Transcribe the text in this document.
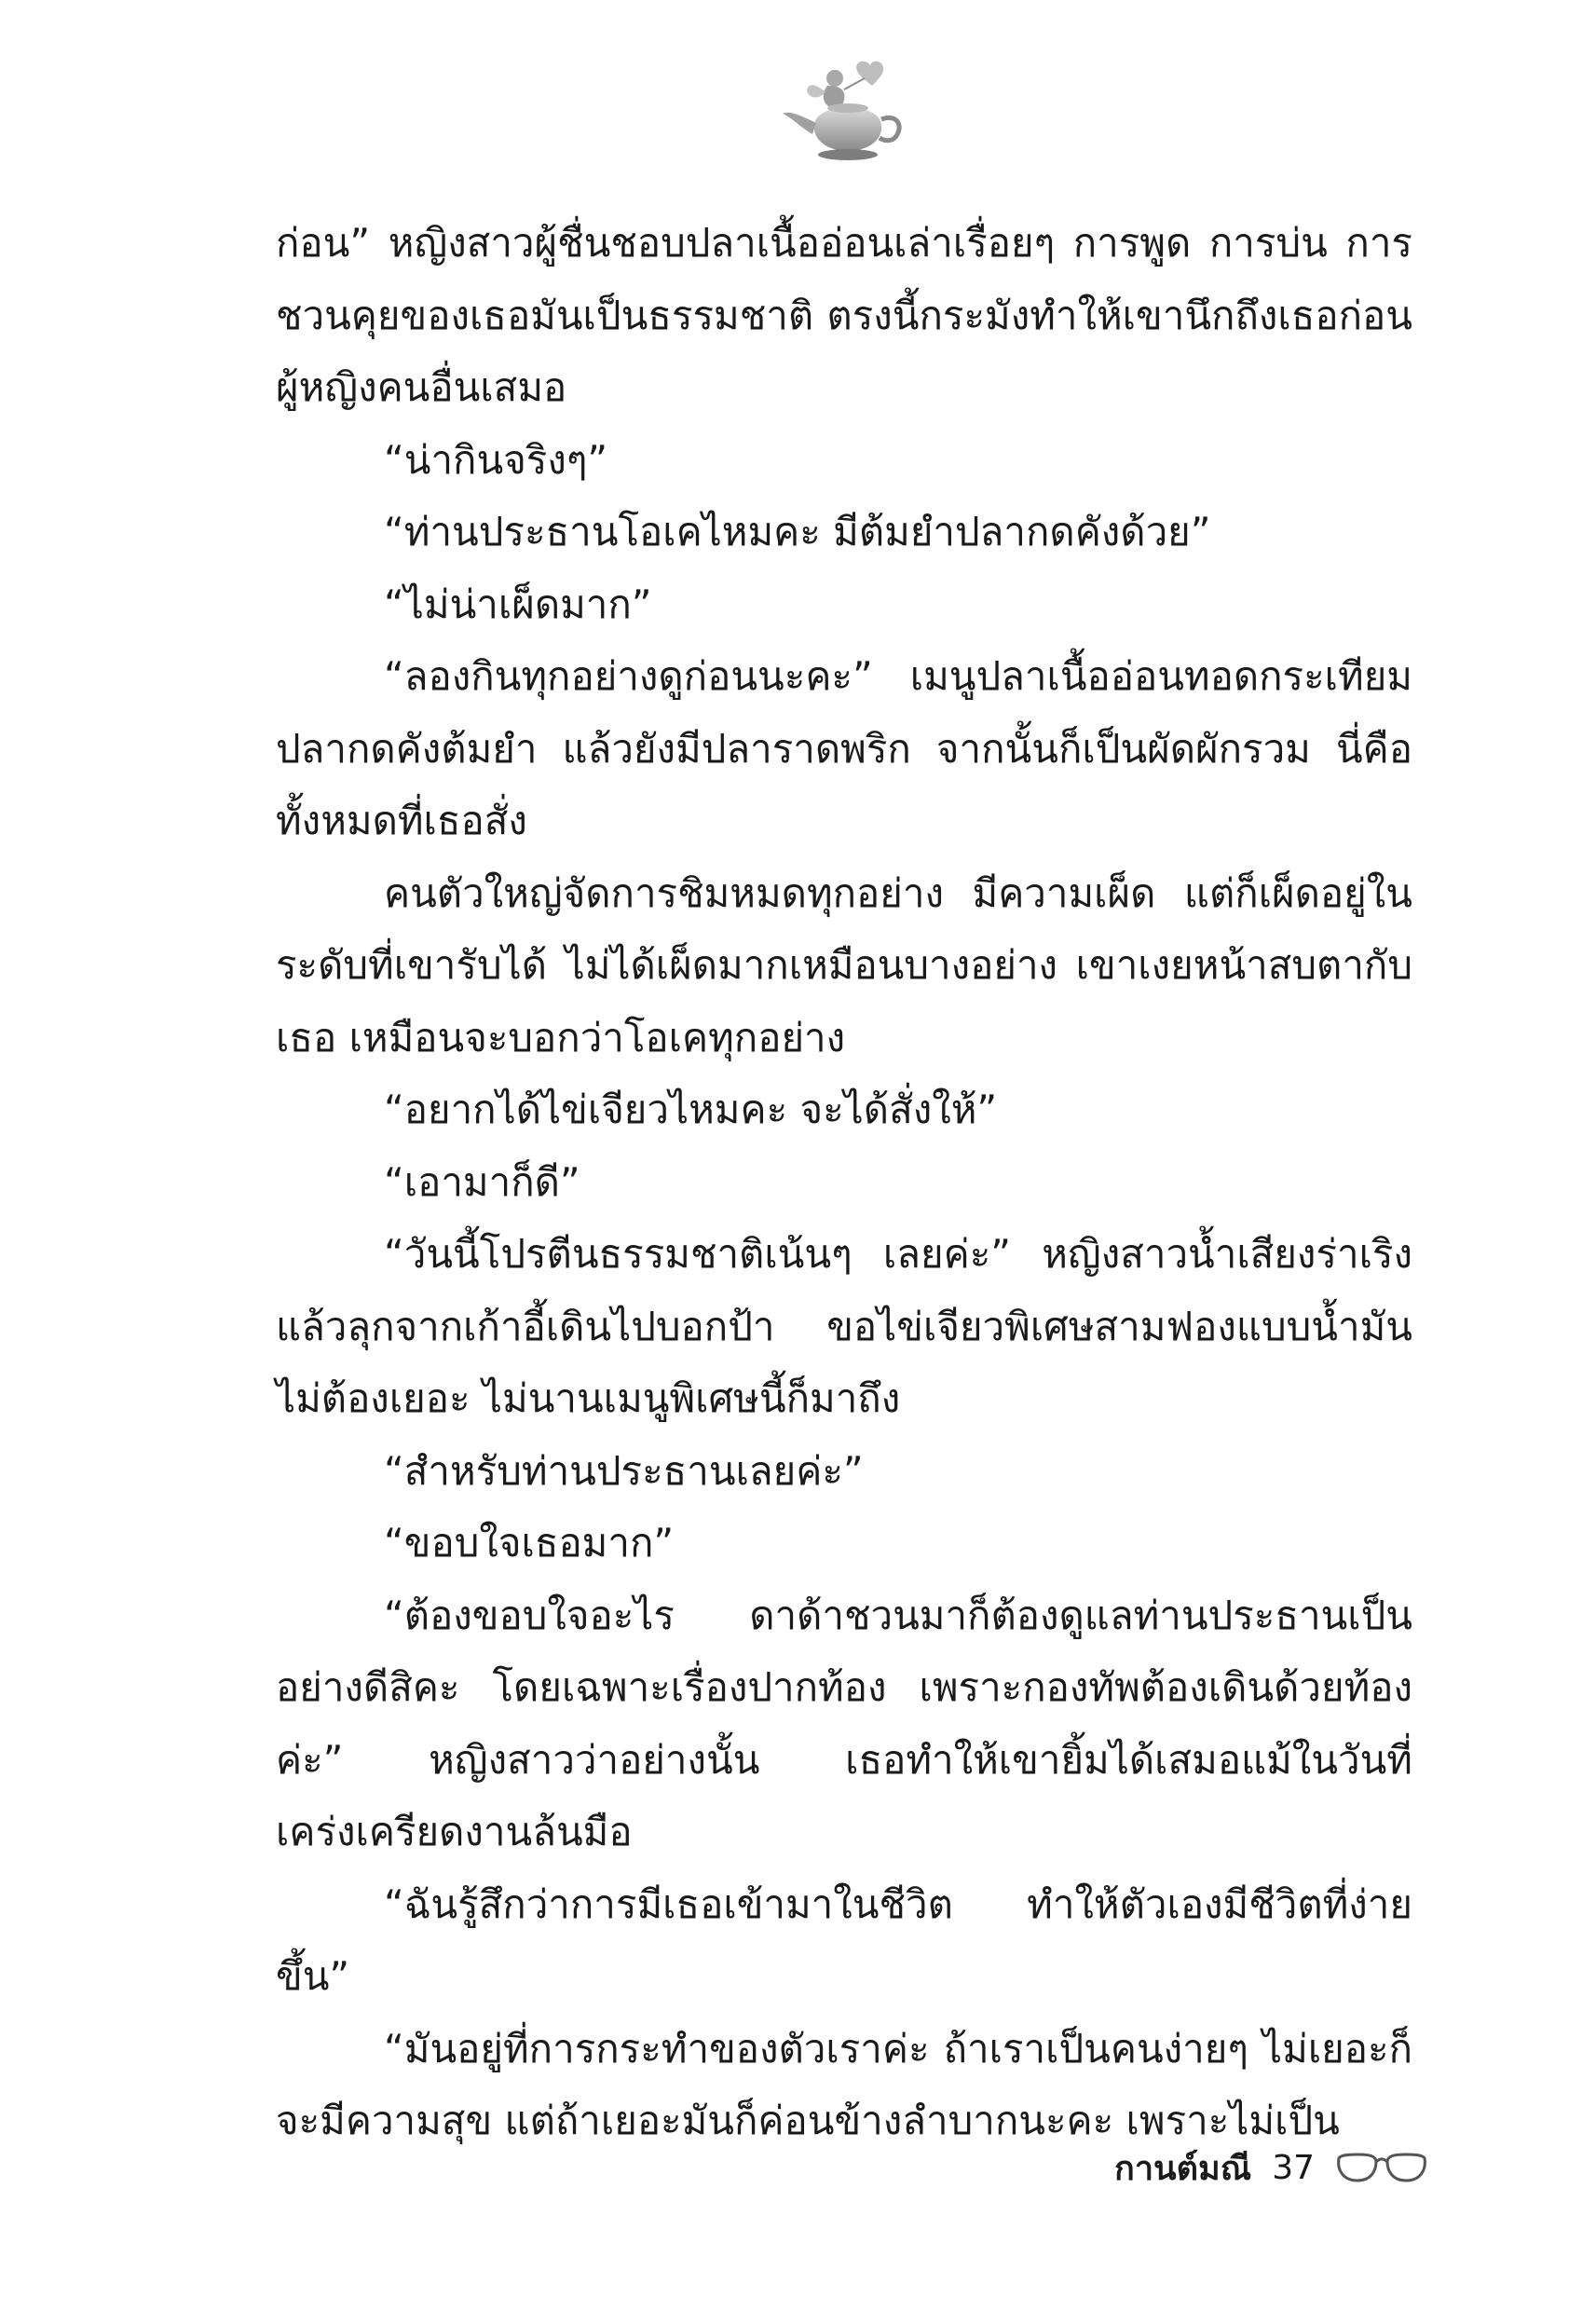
ก่อน” หญิงสาวผู้ชื่นชอบปลาเนื้ออ่อนเล่าเรื่อยๆ การพูด การบ่น การชวนคุยของเธอมันเป็นธรรมชาติ ตรงนี้กระมังทำให้เขานึกถึงเธอก่อนผู้หญิงคนอื่นเสมอ

“น่ากินจริงๆ”

“ท่านประธานโอเคไหมคะ มีต้มยำปลากดคังด้วย”

“ไม่น่าเผ็ดมาก”

“ลองกินทุกอย่างดูก่อนนะคะ” เมนูปลาเนื้ออ่อนทอดกระเทียม ปลากดคังต้มยำ แล้วยังมีปลาราดพริก จากนั้นก็เป็นผัดผักรวม นี่คือทั้งหมดที่เธอสั่ง

คนตัวใหญ่จัดการชิมหมดทุกอย่าง มีความเผ็ด แต่ก็เผ็ดอยู่ในระดับที่เขารับได้ ไม่ได้เผ็ดมากเหมือนบางอย่าง เขาเงยหน้าสบตากับเธอ เหมือนจะบอกว่าโอเคทุกอย่าง

“อยากได้ไข่เจียวไหมคะ จะได้สั่งให้”

“เอามาก็ดี”

“วันนี้โปรตีนธรรมชาติเน้นๆ เลยค่ะ” หญิงสาวน้ำเสียงร่าเริง แล้วลุกจากเก้าอี้เดินไปบอกป้า ขอไข่เจียวพิเศษสามฟองแบบน้ำมันไม่ต้องเยอะ ไม่นานเมนูพิเศษนี้ก็มาถึง

“สำหรับท่านประธานเลยค่ะ”

“ขอบใจเธอมาก”

“ต้องขอบใจอะไร ดาด้าชวนมาก็ต้องดูแลท่านประธานเป็นอย่างดีสิคะ โดยเฉพาะเรื่องปากท้อง เพราะกองทัพต้องเดินด้วยท้องค่ะ” หญิงสาวว่าอย่างนั้น เธอทำให้เขายิ้มได้เสมอแม้ในวันที่เคร่งเครียดงานล้นมือ

“ฉันรู้สึกว่าการมีเธอเข้ามาในชีวิต ทำให้ตัวเองมีชีวิตที่ง่ายขึ้น”

“มันอยู่ที่การกระทำของตัวเราค่ะ ถ้าเราเป็นคนง่ายๆ ไม่เยอะก็จะมีความสุข แต่ถ้าเยอะมันก็ค่อนข้างลำบากนะคะ เพราะไม่เป็น

กานต์มณี 37
